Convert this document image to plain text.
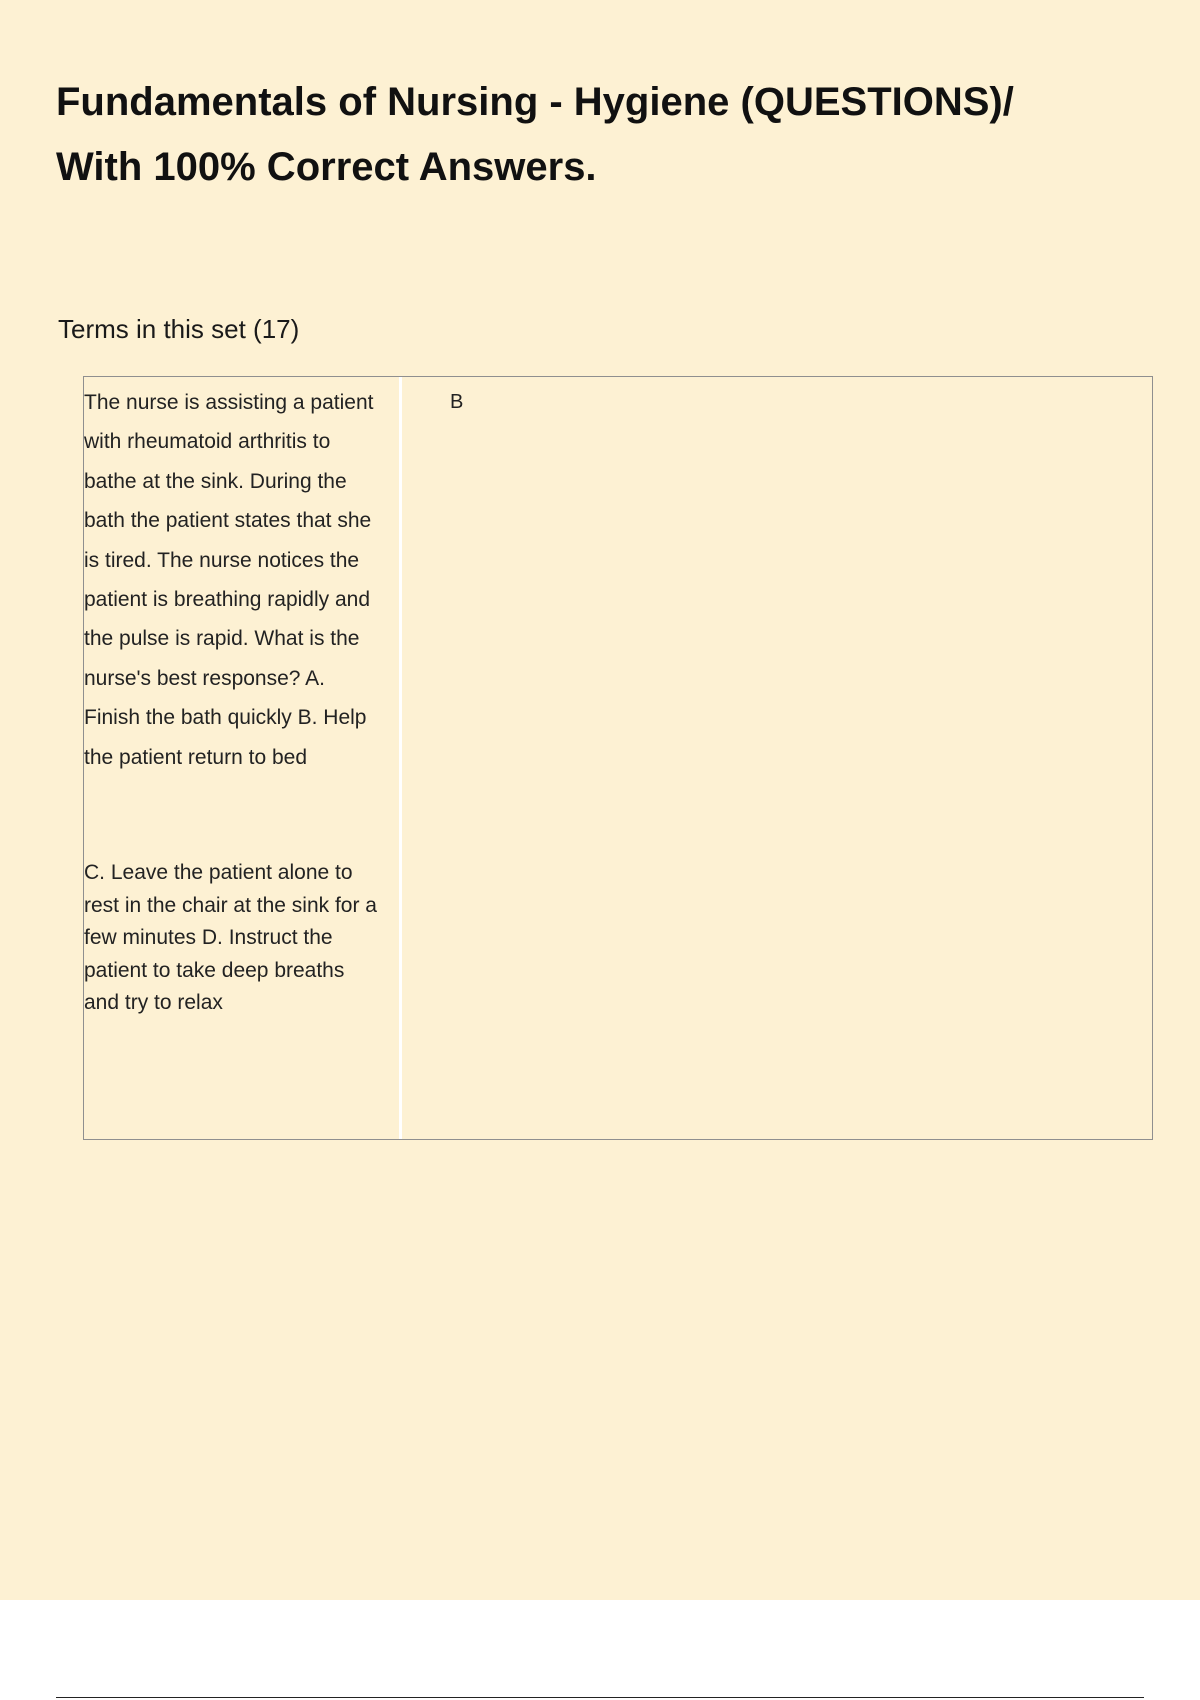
Fundamentals of Nursing - Hygiene (QUESTIONS)/ With 100% Correct Answers.
Terms in this set (17)
The nurse is assisting a patient with rheumatoid arthritis to bathe at the sink. During the bath the patient states that she is tired. The nurse notices the patient is breathing rapidly and the pulse is rapid. What is the nurse's best response? A. Finish the bath quickly B. Help the patient return to bed
C. Leave the patient alone to rest in the chair at the sink for a few minutes D. Instruct the patient to take deep breaths and try to relax
B
